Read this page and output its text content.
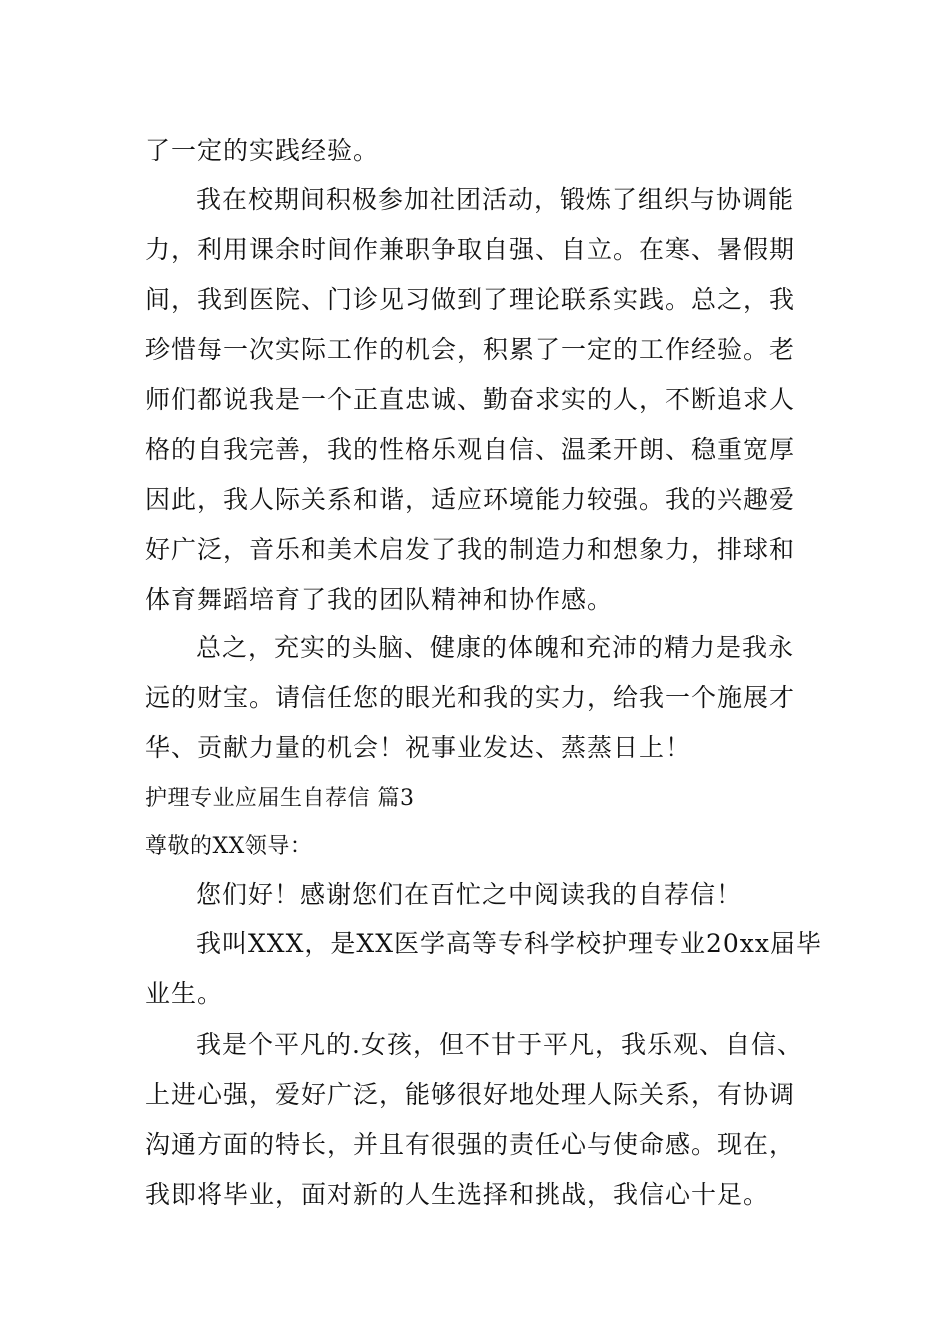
了一定的实践经验。
我在校期间积极参加社团活动，锻炼了组织与协调能
力，利用课余时间作兼职争取自强、自立。在寒、暑假期
间，我到医院、门诊见习做到了理论联系实践。总之，我
珍惜每一次实际工作的机会，积累了一定的工作经验。老
师们都说我是一个正直忠诚、勤奋求实的人，不断追求人
格的自我完善，我的性格乐观自信、温柔开朗、稳重宽厚
因此，我人际关系和谐，适应环境能力较强。我的兴趣爱
好广泛，音乐和美术启发了我的制造力和想象力，排球和
体育舞蹈培育了我的团队精神和协作感。
总之，充实的头脑、健康的体魄和充沛的精力是我永
远的财宝。请信任您的眼光和我的实力，给我一个施展才
华、贡献力量的机会！祝事业发达、蒸蒸日上！
护理专业应届生自荐信 篇3
尊敬的XX领导：
您们好！感谢您们在百忙之中阅读我的自荐信！
我叫XXX，是XX医学高等专科学校护理专业20xx届毕
业生。
我是个平凡的.女孩，但不甘于平凡，我乐观、自信、
上进心强，爱好广泛，能够很好地处理人际关系，有协调
沟通方面的特长，并且有很强的责任心与使命感。现在，
我即将毕业，面对新的人生选择和挑战，我信心十足。
